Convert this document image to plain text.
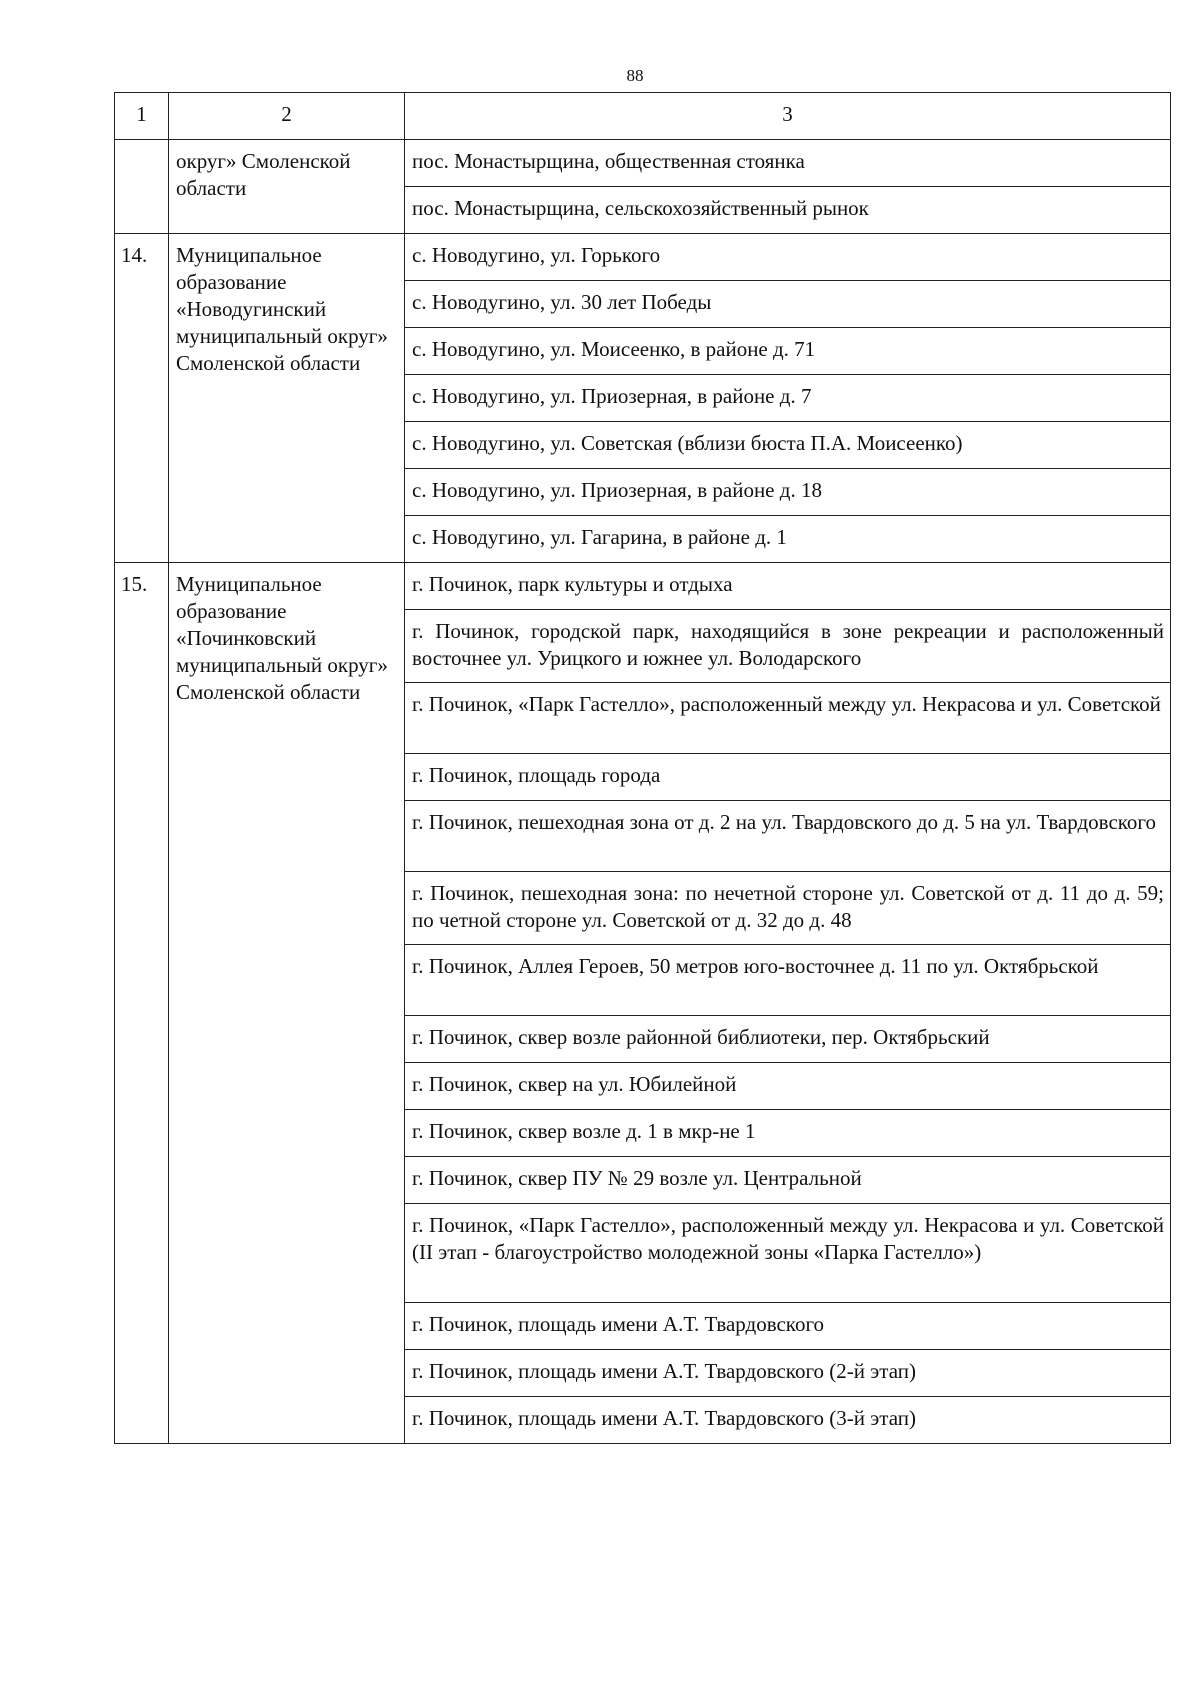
88
1	2	3
	округ» Смоленской области	пос. Монастырщина, общественная стоянка
		пос. Монастырщина, сельскохозяйственный рынок
14.	Муниципальное образование «Новодугинский муниципальный округ» Смоленской области	с. Новодугино, ул. Горького
		с. Новодугино, ул. 30 лет Победы
		с. Новодугино, ул. Моисеенко, в районе д. 71
		с. Новодугино, ул. Приозерная, в районе д. 7
		с. Новодугино, ул. Советская (вблизи бюста П.А. Моисеенко)
		с. Новодугино, ул. Приозерная, в районе д. 18
		с. Новодугино, ул. Гагарина, в районе д. 1
15.	Муниципальное образование «Починковский муниципальный округ» Смоленской области	г. Починок, парк культуры и отдыха
		г. Починок, городской парк, находящийся в зоне рекреации и расположенный восточнее ул. Урицкого и южнее ул. Володарского
		г. Починок, «Парк Гастелло», расположенный между ул. Некрасова и ул. Советской
		г. Починок, площадь города
		г. Починок, пешеходная зона от д. 2 на ул. Твардовского до д. 5 на ул. Твардовского
		г. Починок, пешеходная зона: по нечетной стороне ул. Советской от д. 11 до д. 59; по четной стороне ул. Советской от д. 32 до д. 48
		г. Починок, Аллея Героев, 50 метров юго-восточнее д. 11 по ул. Октябрьской
		г. Починок, сквер возле районной библиотеки, пер. Октябрьский
		г. Починок, сквер на ул. Юбилейной
		г. Починок, сквер возле д. 1 в мкр-не 1
		г. Починок, сквер ПУ № 29 возле ул. Центральной
		г. Починок, «Парк Гастелло», расположенный между ул. Некрасова и ул. Советской (II этап - благоустройство молодежной зоны «Парка Гастелло»)
		г. Починок, площадь имени А.Т. Твардовского
		г. Починок, площадь имени А.Т. Твардовского (2-й этап)
		г. Починок, площадь имени А.Т. Твардовского (3-й этап)
